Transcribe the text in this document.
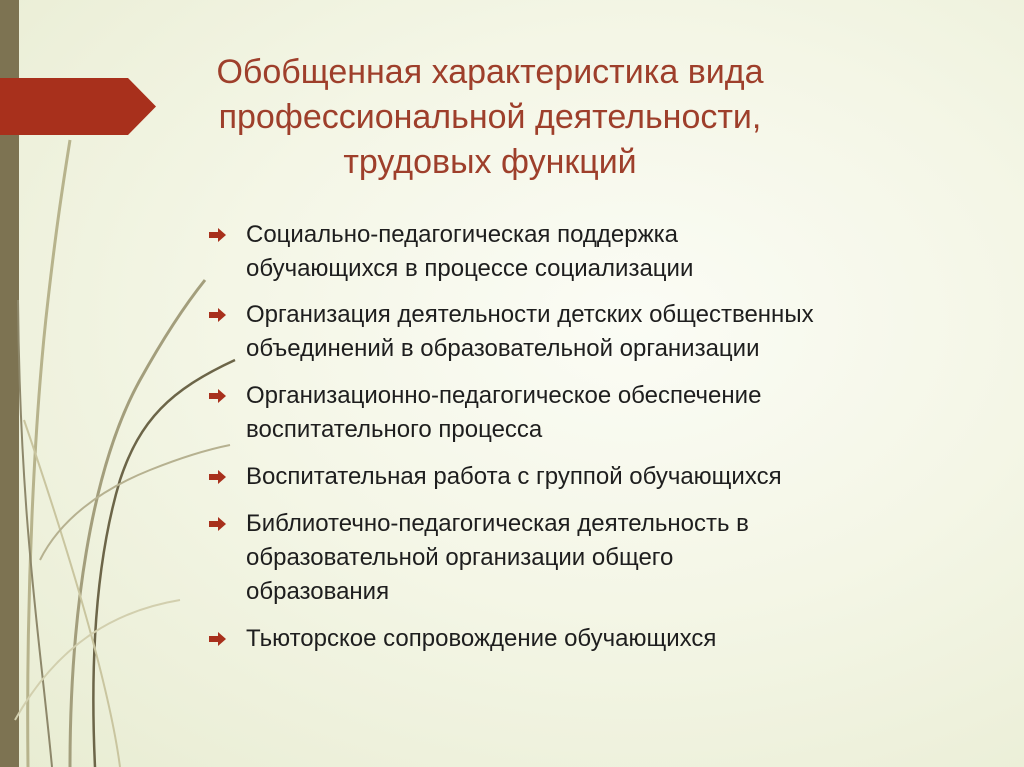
Обобщенная характеристика вида
профессиональной деятельности,
трудовых функций
Социально-педагогическая поддержка
обучающихся в процессе социализации
Организация деятельности детских общественных
объединений в образовательной организации
Организационно-педагогическое обеспечение
воспитательного процесса
Воспитательная работа с группой обучающихся
Библиотечно-педагогическая деятельность в
образовательной организации общего
образования
Тьюторское сопровождение обучающихся
